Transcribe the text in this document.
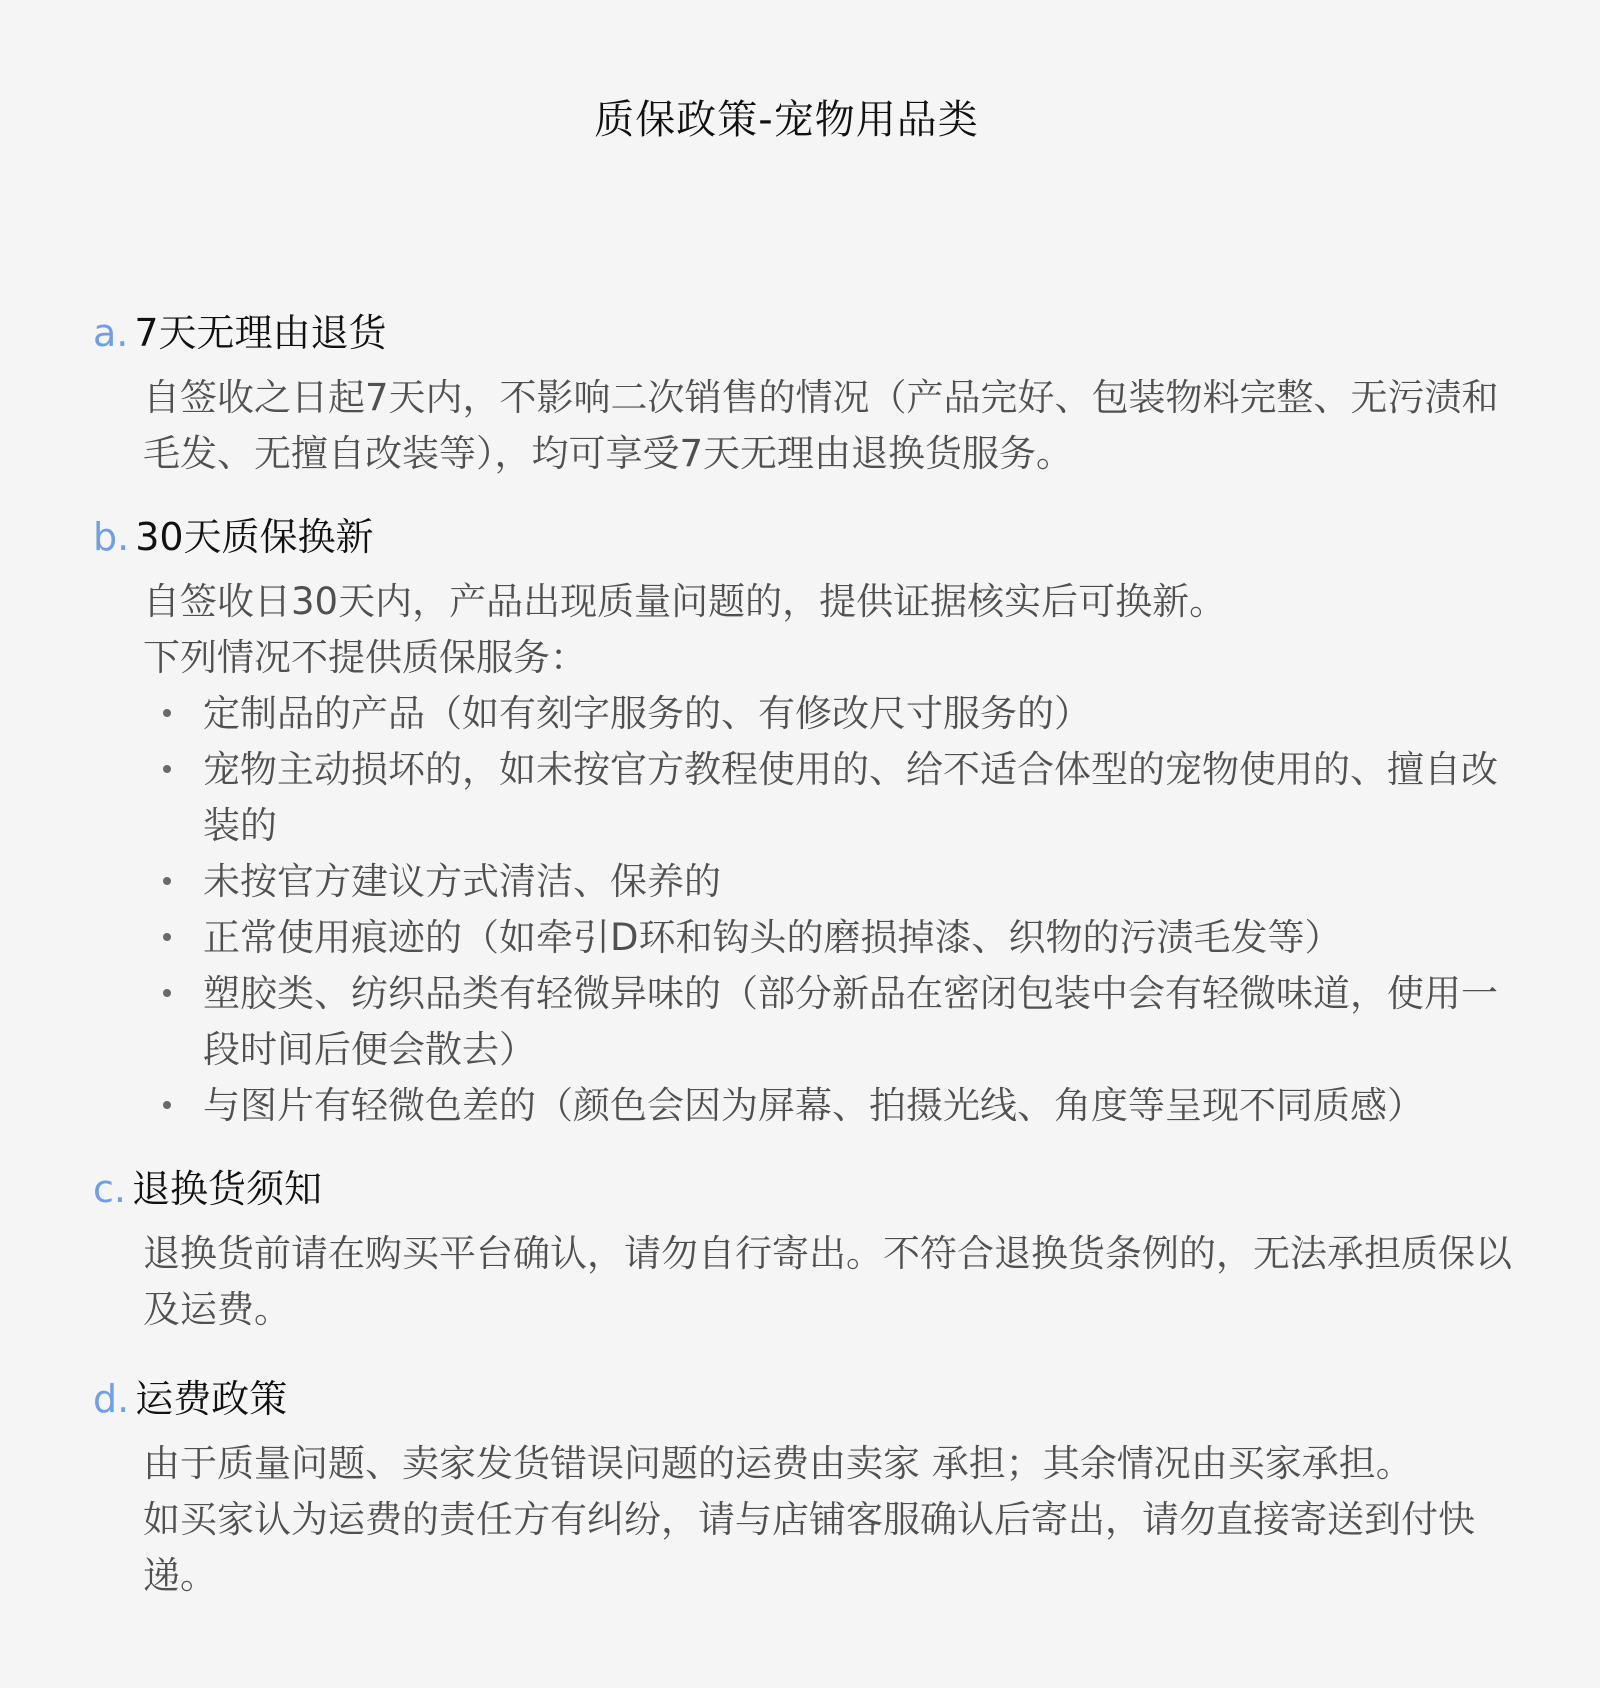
质保政策-宠物用品类
a. 7天无理由退货

自签收之日起7天内，不影响二次销售的情况（产品完好、包装物料完整、无污渍和毛发、无擅自改装等），均可享受7天无理由退换货服务。

b. 30天质保换新

自签收日30天内，产品出现质量问题的，提供证据核实后可换新。

下列情况不提供质保服务：

定制品的产品（如有刻字服务的、有修改尺寸服务的）
宠物主动损坏的，如未按官方教程使用的、给不适合体型的宠物使用的、擅自改装的
未按官方建议方式清洁、保养的
正常使用痕迹的（如牵引D环和钩头的磨损掉漆、织物的污渍毛发等）
塑胶类、纺织品类有轻微异味的（部分新品在密闭包装中会有轻微味道，使用一段时间后便会散去）
与图片有轻微色差的（颜色会因为屏幕、拍摄光线、角度等呈现不同质感）
c. 退换货须知

退换货前请在购买平台确认，请勿自行寄出。不符合退换货条例的，无法承担质保以及运费。

d. 运费政策

由于质量问题、卖家发货错误问题的运费由卖家 承担；其余情况由买家承担。

如买家认为运费的责任方有纠纷，请与店铺客服确认后寄出，请勿直接寄送到付快递。
